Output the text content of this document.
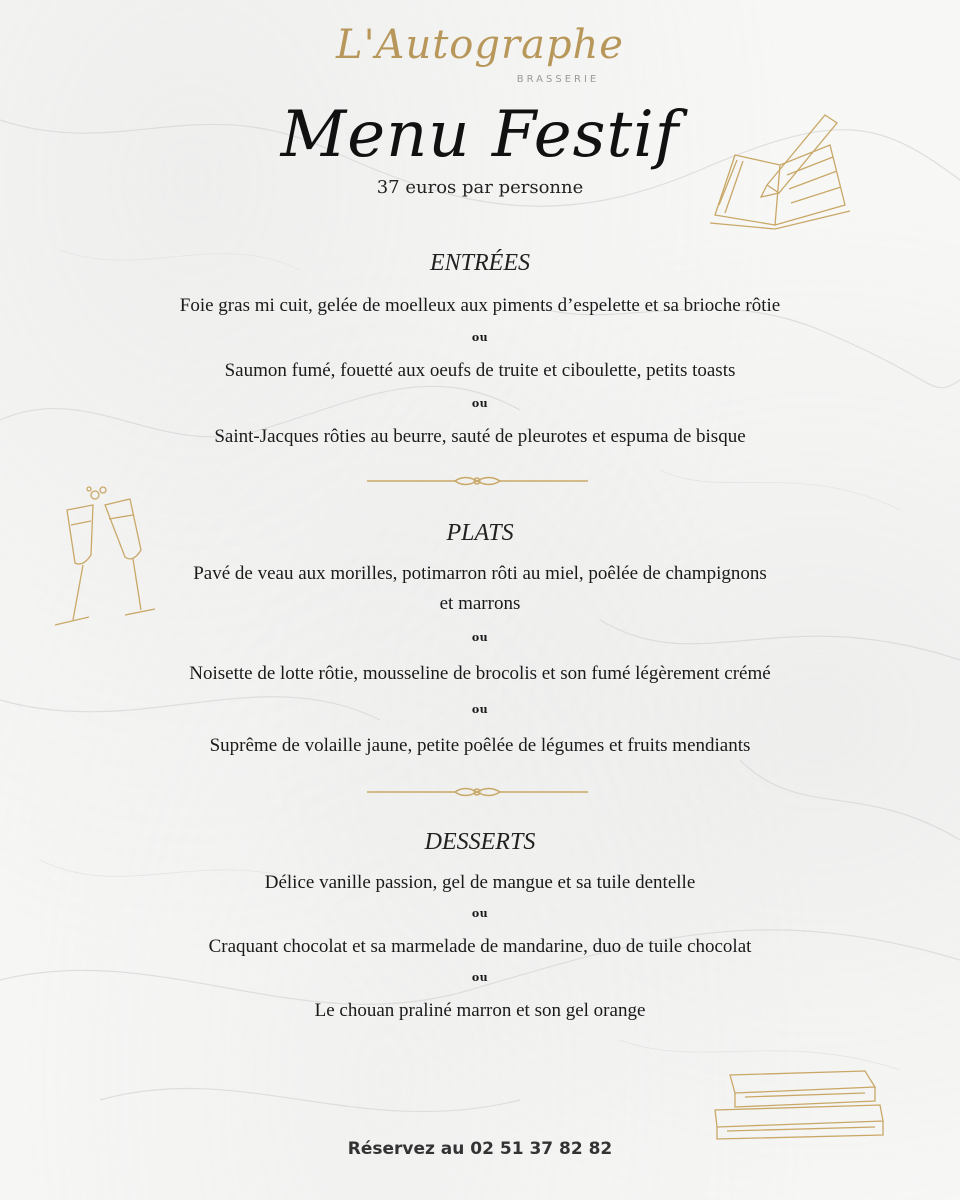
L'Autographe
BRASSERIE
Menu Festif
37 euros par personne
ENTRÉES
Foie gras mi cuit, gelée de moelleux aux piments d’espelette et sa brioche rôtie
ou
Saumon fumé, fouetté aux oeufs de truite et ciboulette, petits toasts
ou
Saint-Jacques rôties au beurre, sauté de pleurotes et espuma de bisque
PLATS
Pavé de veau aux morilles, potimarron rôti au miel, poêlée de champignons et marrons
ou
Noisette de lotte rôtie, mousseline de brocolis et son fumé légèrement crémé
ou
Suprême de volaille jaune, petite poêlée de légumes et fruits mendiants
DESSERTS
Délice vanille passion, gel de mangue et sa tuile dentelle
ou
Craquant chocolat et sa marmelade de mandarine, duo de tuile chocolat
ou
Le chouan praliné marron et son gel orange
Réservez au 02 51 37 82 82
